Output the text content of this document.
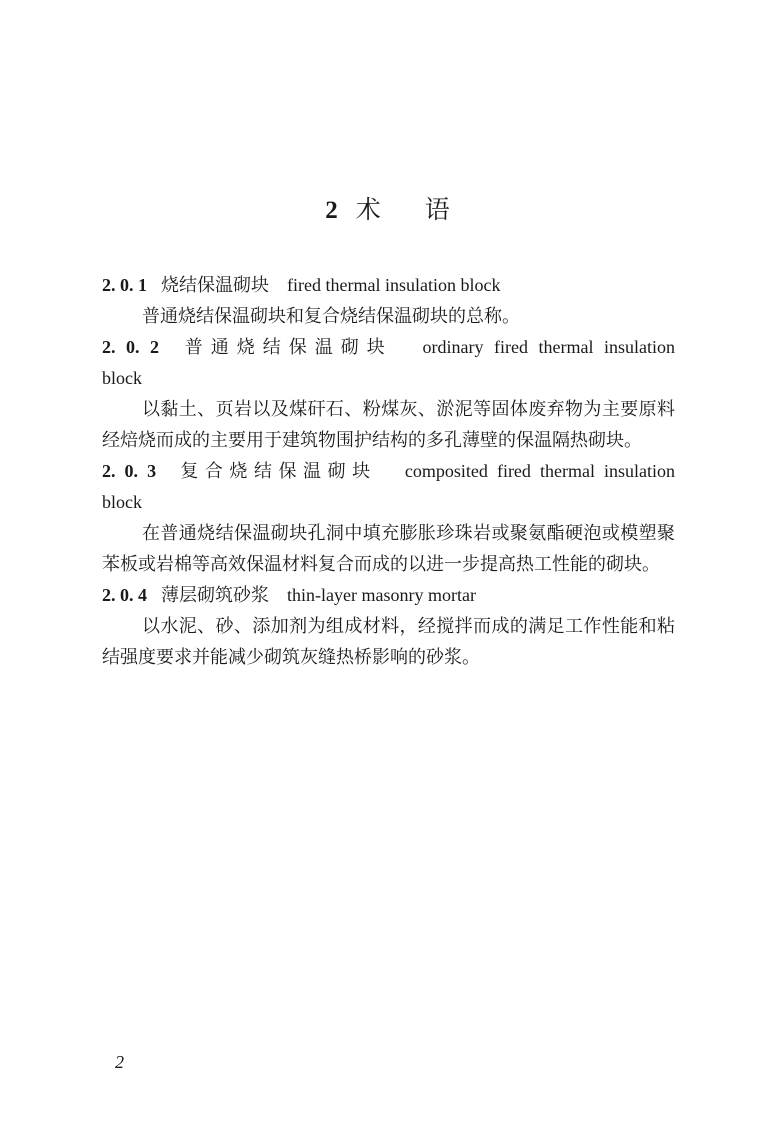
2 术语
2. 0. 1 烧结保温砌块 fired thermal insulation block

普通烧结保温砌块和复合烧结保温砌块的总称。

2. 0. 2 普通烧结保温砌块 ordinary fired thermal insulation
block

以黏土、页岩以及煤矸石、粉煤灰、淤泥等固体废弃物为主要原料经焙烧而成的主要用于建筑物围护结构的多孔薄壁的保温隔热砌块。

2. 0. 3 复合烧结保温砌块 composited fired thermal insulation
block

在普通烧结保温砌块孔洞中填充膨胀珍珠岩或聚氨酯硬泡或模塑聚苯板或岩棉等高效保温材料复合而成的以进一步提高热工性能的砌块。

2. 0. 4 薄层砌筑砂浆 thin-layer masonry mortar

以水泥、砂、添加剂为组成材料，经搅拌而成的满足工作性能和粘结强度要求并能减少砌筑灰缝热桥影响的砂浆。

2
